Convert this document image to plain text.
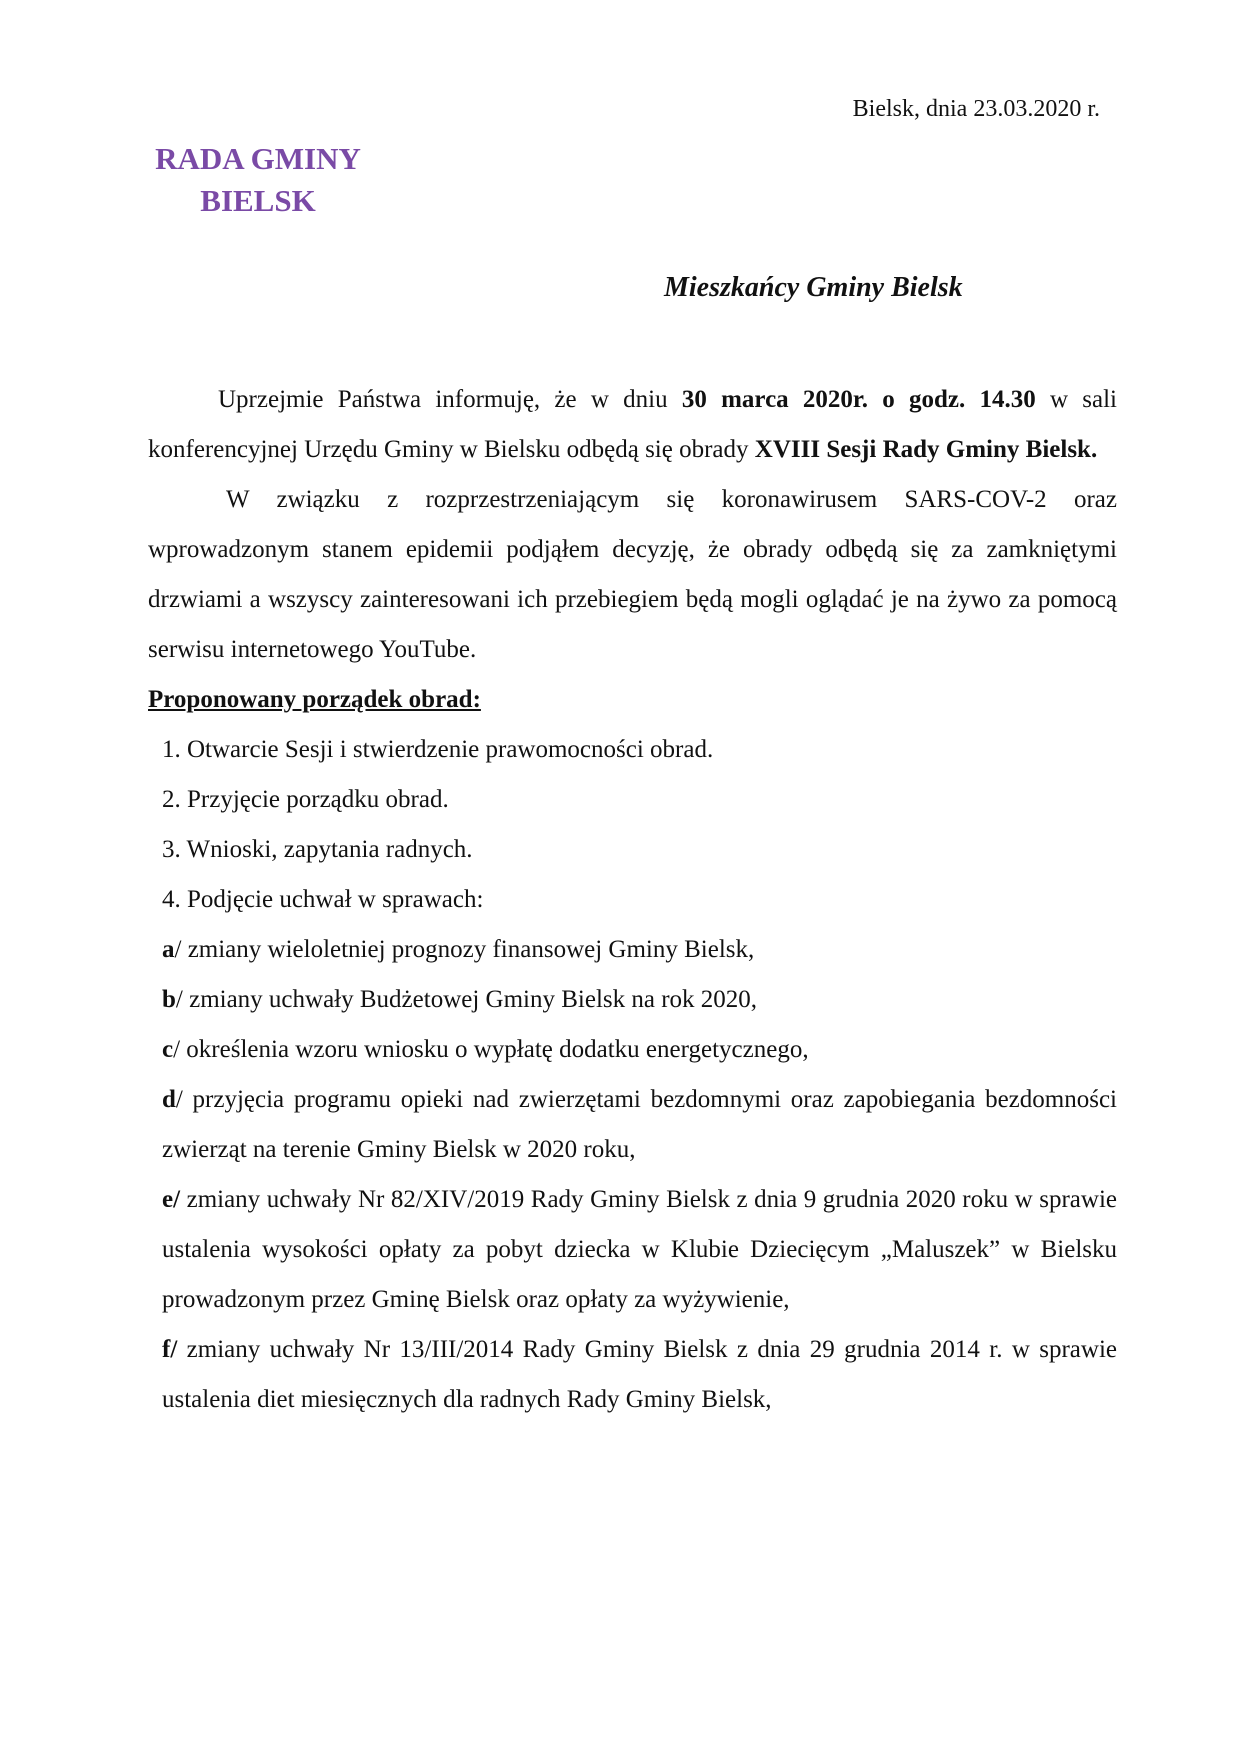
Bielsk, dnia 23.03.2020 r.
RADA GMINY
BIELSK
Mieszkańcy Gminy Bielsk

Uprzejmie Państwa informuję, że w dniu 30 marca 2020r. o godz. 14.30 w sali konferencyjnej Urzędu Gminy w Bielsku odbędą się obrady XVIII Sesji Rady Gminy Bielsk.

W związku z rozprzestrzeniającym się koronawirusem SARS-COV-2 oraz wprowadzonym stanem epidemii podjąłem decyzję, że obrady odbędą się za zamkniętymi drzwiami a wszyscy zainteresowani ich przebiegiem będą mogli oglądać je na żywo za pomocą serwisu internetowego YouTube.

Proponowany porządek obrad:

1. Otwarcie Sesji i stwierdzenie prawomocności obrad.

2. Przyjęcie porządku obrad.

3. Wnioski, zapytania radnych.

4. Podjęcie uchwał w sprawach:

a/ zmiany wieloletniej prognozy finansowej Gminy Bielsk,

b/ zmiany uchwały Budżetowej Gminy Bielsk na rok 2020,

c/ określenia wzoru wniosku o wypłatę dodatku energetycznego,

d/ przyjęcia programu opieki nad zwierzętami bezdomnymi oraz zapobiegania bezdomności zwierząt na terenie Gminy Bielsk w 2020 roku,

e/ zmiany uchwały Nr 82/XIV/2019 Rady Gminy Bielsk z dnia 9 grudnia 2020 roku w sprawie ustalenia wysokości opłaty za pobyt dziecka w Klubie Dziecięcym „Maluszek” w Bielsku prowadzonym przez Gminę Bielsk oraz opłaty za wyżywienie,

f/ zmiany uchwały Nr 13/III/2014 Rady Gminy Bielsk z dnia 29 grudnia 2014 r. w sprawie ustalenia diet miesięcznych dla radnych Rady Gminy Bielsk,
